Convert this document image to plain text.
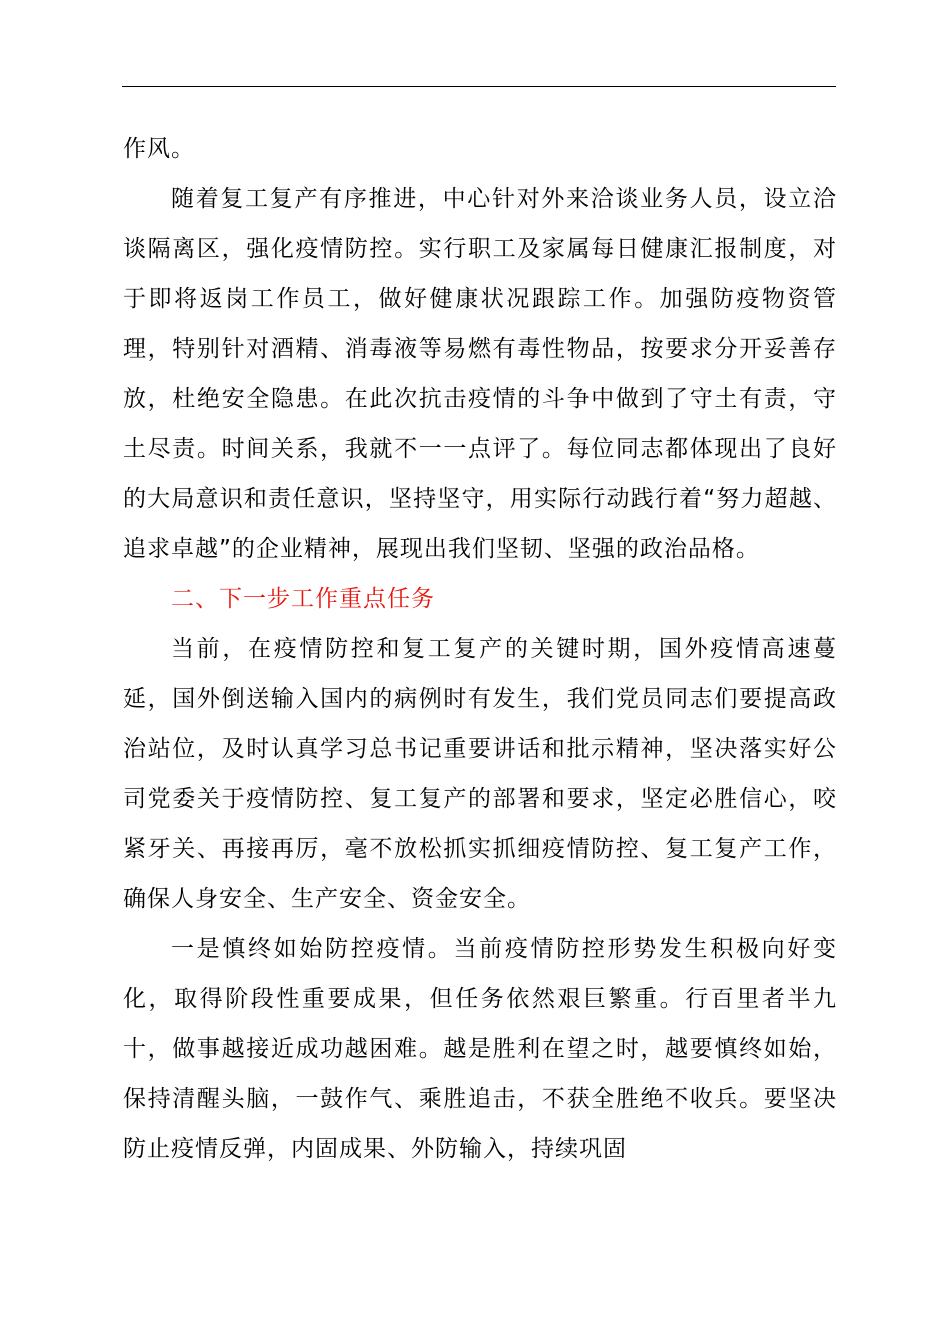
作风。

随着复工复产有序推进，中心针对外来洽谈业务人员，设立洽谈隔离区，强化疫情防控。实行职工及家属每日健康汇报制度，对于即将返岗工作员工，做好健康状况跟踪工作。加强防疫物资管理，特别针对酒精、消毒液等易燃有毒性物品，按要求分开妥善存放，杜绝安全隐患。在此次抗击疫情的斗争中做到了守土有责，守土尽责。时间关系，我就不一一点评了。每位同志都体现出了良好的大局意识和责任意识，坚持坚守，用实际行动践行着“努力超越、追求卓越”的企业精神，展现出我们坚韧、坚强的政治品格。

二、下一步工作重点任务

当前，在疫情防控和复工复产的关键时期，国外疫情高速蔓延，国外倒送输入国内的病例时有发生，我们党员同志们要提高政治站位，及时认真学习总书记重要讲话和批示精神，坚决落实好公司党委关于疫情防控、复工复产的部署和要求，坚定必胜信心，咬紧牙关、再接再厉，毫不放松抓实抓细疫情防控、复工复产工作，确保人身安全、生产安全、资金安全。

一是慎终如始防控疫情。当前疫情防控形势发生积极向好变化，取得阶段性重要成果，但任务依然艰巨繁重。行百里者半九十，做事越接近成功越困难。越是胜利在望之时，越要慎终如始，保持清醒头脑，一鼓作气、乘胜追击，不获全胜绝不收兵。要坚决防止疫情反弹，内固成果、外防输入，持续巩固
